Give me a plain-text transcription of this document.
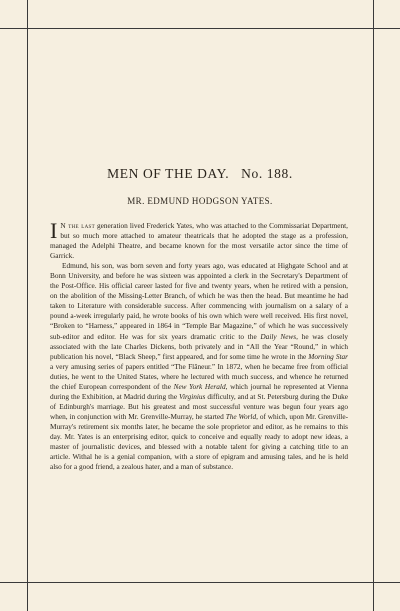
MEN OF THE DAY. No. 188.
MR. EDMUND HODGSON YATES.

I N the last generation lived Frederick Yates, who was attached to the Commissariat Department, but so much more attached to amateur theatricals that he adopted the stage as a profession, managed the Adelphi Theatre, and became known for the most versatile actor since the time of Garrick.

Edmund, his son, was born seven and forty years ago, was educated at Highgate School and at Bonn University, and before he was sixteen was appointed a clerk in the Secretary's Department of the Post-Office. His official career lasted for five and twenty years, when he retired with a pension, on the abolition of the Missing-Letter Branch, of which he was then the head. But meantime he had taken to Literature with considerable success. After commencing with journalism on a salary of a pound a-week irregularly paid, he wrote books of his own which were well received. His first novel, “Broken to “Harness,” appeared in 1864 in “Temple Bar Magazine,” of which he was successively sub-editor and editor. He was for six years dramatic critic to the Daily News, he was closely associated with the late Charles Dickens, both privately and in “All the Year “Round,” in which publication his novel, “Black Sheep,” first appeared, and for some time he wrote in the Morning Star a very amusing series of papers entitled “The Flâneur.” In 1872, when he became free from official duties, he went to the United States, where he lectured with much success, and whence he returned the chief European correspondent of the New York Herald, which journal he represented at Vienna during the Exhibition, at Madrid during the Virginius difficulty, and at St. Petersburg during the Duke of Edinburgh's marriage. But his greatest and most successful venture was begun four years ago when, in conjunction with Mr. Grenville-Murray, he started The World, of which, upon Mr. Grenville-Murray's retirement six months later, he became the sole proprietor and editor, as he remains to this day. Mr. Yates is an enterprising editor, quick to conceive and equally ready to adopt new ideas, a master of journalistic devices, and blessed with a notable talent for giving a catching title to an article. Withal he is a genial companion, with a store of epigram and amusing tales, and he is held also for a good friend, a zealous hater, and a man of substance.
